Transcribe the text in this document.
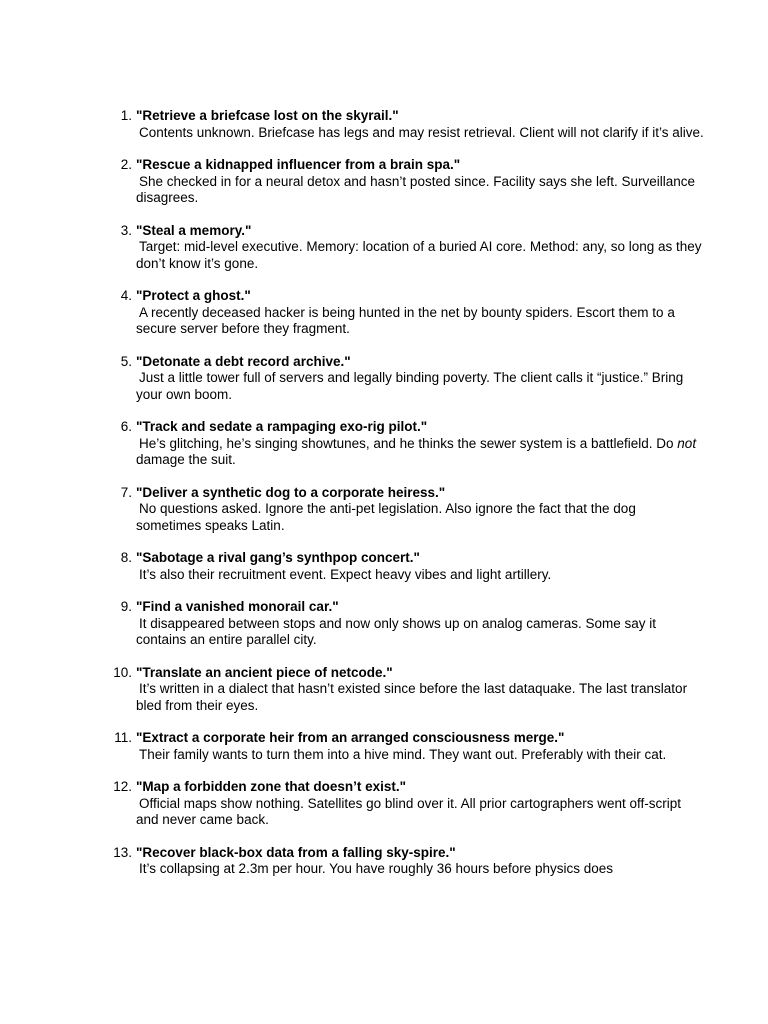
1. "Retrieve a briefcase lost on the skyrail."
Contents unknown. Briefcase has legs and may resist retrieval. Client will not clarify if it’s alive.
2. "Rescue a kidnapped influencer from a brain spa."
She checked in for a neural detox and hasn’t posted since. Facility says she left. Surveillance disagrees.
3. "Steal a memory."
Target: mid-level executive. Memory: location of a buried AI core. Method: any, so long as they don’t know it’s gone.
4. "Protect a ghost."
A recently deceased hacker is being hunted in the net by bounty spiders. Escort them to a secure server before they fragment.
5. "Detonate a debt record archive."
Just a little tower full of servers and legally binding poverty. The client calls it “justice.” Bring your own boom.
6. "Track and sedate a rampaging exo-rig pilot."
He’s glitching, he’s singing showtunes, and he thinks the sewer system is a battlefield. Do not damage the suit.
7. "Deliver a synthetic dog to a corporate heiress."
No questions asked. Ignore the anti-pet legislation. Also ignore the fact that the dog sometimes speaks Latin.
8. "Sabotage a rival gang’s synthpop concert."
It’s also their recruitment event. Expect heavy vibes and light artillery.
9. "Find a vanished monorail car."
It disappeared between stops and now only shows up on analog cameras. Some say it contains an entire parallel city.
10. "Translate an ancient piece of netcode."
It’s written in a dialect that hasn’t existed since before the last dataquake. The last translator bled from their eyes.
11. "Extract a corporate heir from an arranged consciousness merge."
Their family wants to turn them into a hive mind. They want out. Preferably with their cat.
12. "Map a forbidden zone that doesn’t exist."
Official maps show nothing. Satellites go blind over it. All prior cartographers went off-script and never came back.
13. "Recover black-box data from a falling sky-spire."
It’s collapsing at 2.3m per hour. You have roughly 36 hours before physics does
